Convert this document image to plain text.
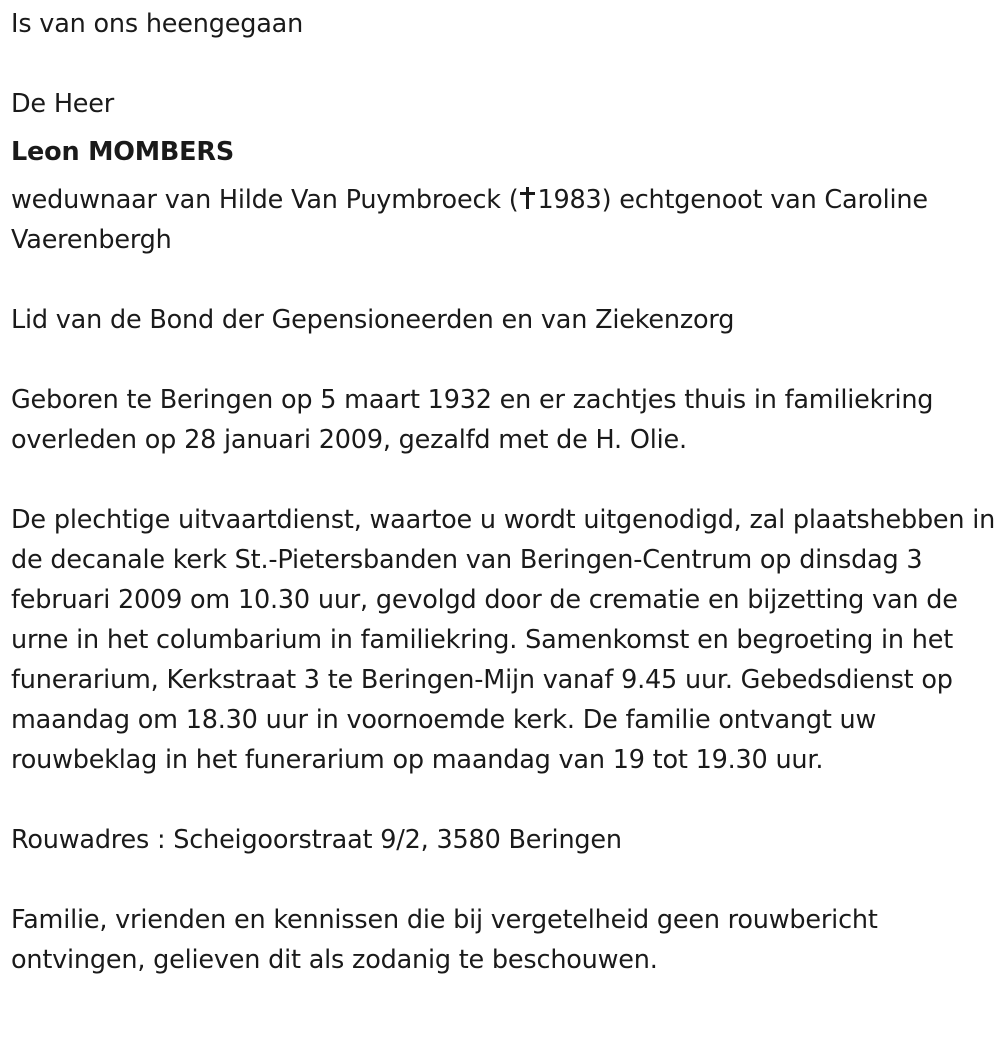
Is van ons heengegaan

De Heer

Leon MOMBERS

weduwnaar van Hilde Van Puymbroeck ( 1983) echtgenoot van Caroline Vaerenbergh

Lid van de Bond der Gepensioneerden en van Ziekenzorg

Geboren te Beringen op 5 maart 1932 en er zachtjes thuis in familiekring overleden op 28 januari 2009, gezalfd met de H. Olie.

De plechtige uitvaartdienst, waartoe u wordt uitgenodigd, zal plaatshebben in de decanale kerk St.-Pietersbanden van Beringen-Centrum op dinsdag 3 februari 2009 om 10.30 uur, gevolgd door de crematie en bijzetting van de urne in het columbarium in familiekring. Samenkomst en begroeting in het funerarium, Kerkstraat 3 te Beringen-Mijn vanaf 9.45 uur. Gebedsdienst op maandag om 18.30 uur in voornoemde kerk. De familie ontvangt uw rouwbeklag in het funerarium op maandag van 19 tot 19.30 uur.

Rouwadres : Scheigoorstraat 9/2, 3580 Beringen

Familie, vrienden en kennissen die bij vergetelheid geen rouwbericht ontvingen, gelieven dit als zodanig te beschouwen.
